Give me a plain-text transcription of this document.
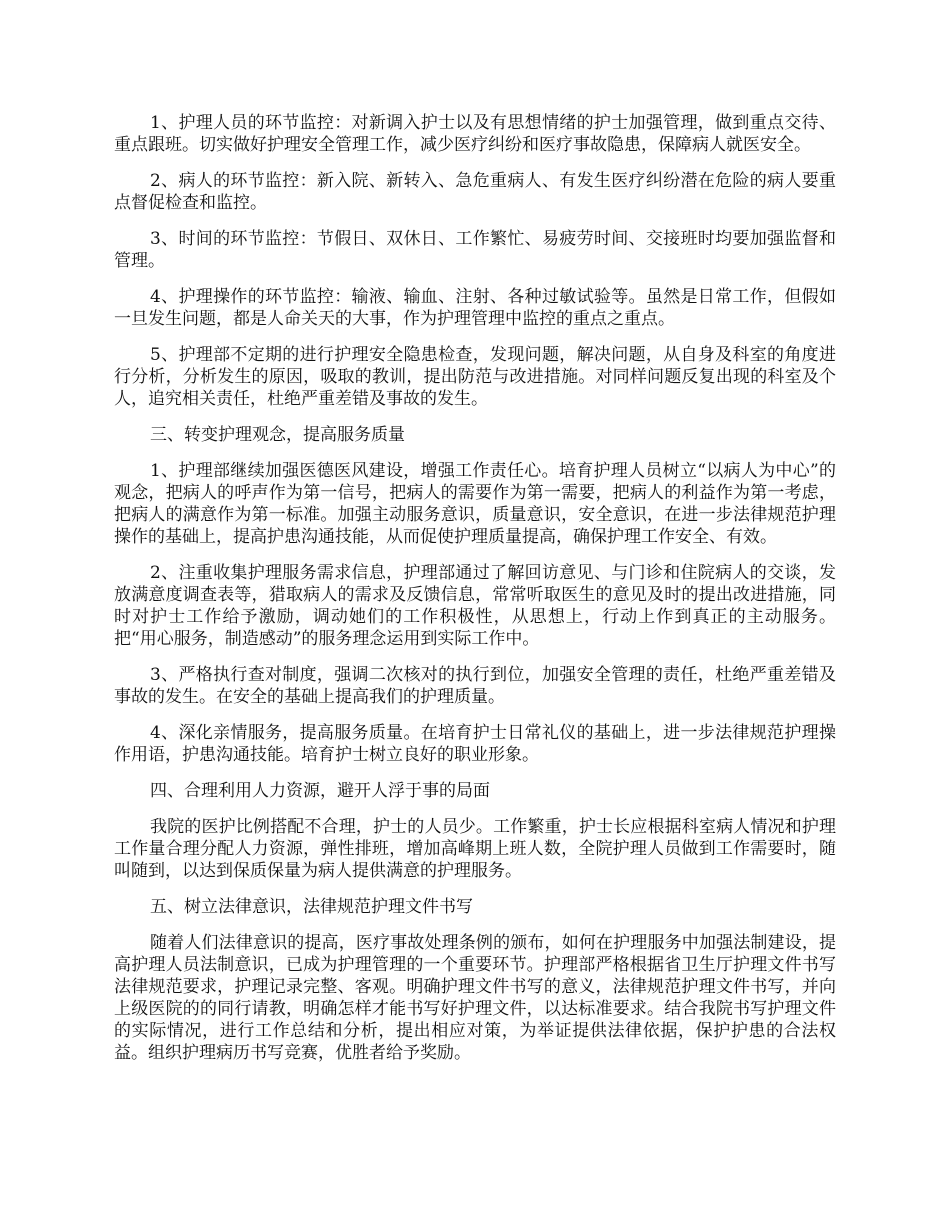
1、护理人员的环节监控：对新调入护士以及有思想情绪的护士加强管理，做到重点交待、重点跟班。切实做好护理安全管理工作，减少医疗纠纷和医疗事故隐患，保障病人就医安全。

2、病人的环节监控：新入院、新转入、急危重病人、有发生医疗纠纷潜在危险的病人要重点督促检查和监控。

3、时间的环节监控：节假日、双休日、工作繁忙、易疲劳时间、交接班时均要加强监督和管理。

4、护理操作的环节监控：输液、输血、注射、各种过敏试验等。虽然是日常工作，但假如一旦发生问题，都是人命关天的大事，作为护理管理中监控的重点之重点。

5、护理部不定期的进行护理安全隐患检查，发现问题，解决问题，从自身及科室的角度进行分析，分析发生的原因，吸取的教训，提出防范与改进措施。对同样问题反复出现的科室及个人，追究相关责任，杜绝严重差错及事故的发生。

三、转变护理观念，提高服务质量

1、护理部继续加强医德医风建设，增强工作责任心。培育护理人员树立“以病人为中心”的观念，把病人的呼声作为第一信号，把病人的需要作为第一需要，把病人的利益作为第一考虑，把病人的满意作为第一标准。加强主动服务意识，质量意识，安全意识，在进一步法律规范护理操作的基础上，提高护患沟通技能，从而促使护理质量提高，确保护理工作安全、有效。

2、注重收集护理服务需求信息，护理部通过了解回访意见、与门诊和住院病人的交谈，发放满意度调查表等，猎取病人的需求及反馈信息，常常听取医生的意见及时的提出改进措施，同时对护士工作给予激励，调动她们的工作积极性，从思想上，行动上作到真正的主动服务。把“用心服务，制造感动”的服务理念运用到实际工作中。

3、严格执行查对制度，强调二次核对的执行到位，加强安全管理的责任，杜绝严重差错及事故的发生。在安全的基础上提高我们的护理质量。

4、深化亲情服务，提高服务质量。在培育护士日常礼仪的基础上，进一步法律规范护理操作用语，护患沟通技能。培育护士树立良好的职业形象。

四、合理利用人力资源，避开人浮于事的局面

我院的医护比例搭配不合理，护士的人员少。工作繁重，护士长应根据科室病人情况和护理工作量合理分配人力资源，弹性排班，增加高峰期上班人数，全院护理人员做到工作需要时，随叫随到，以达到保质保量为病人提供满意的护理服务。

五、树立法律意识，法律规范护理文件书写

随着人们法律意识的提高，医疗事故处理条例的颁布，如何在护理服务中加强法制建设，提高护理人员法制意识，已成为护理管理的一个重要环节。护理部严格根据省卫生厅护理文件书写法律规范要求，护理记录完整、客观。明确护理文件书写的意义，法律规范护理文件书写，并向上级医院的的同行请教，明确怎样才能书写好护理文件，以达标准要求。结合我院书写护理文件的实际情况，进行工作总结和分析，提出相应对策，为举证提供法律依据，保护护患的合法权益。组织护理病历书写竞赛，优胜者给予奖励。
